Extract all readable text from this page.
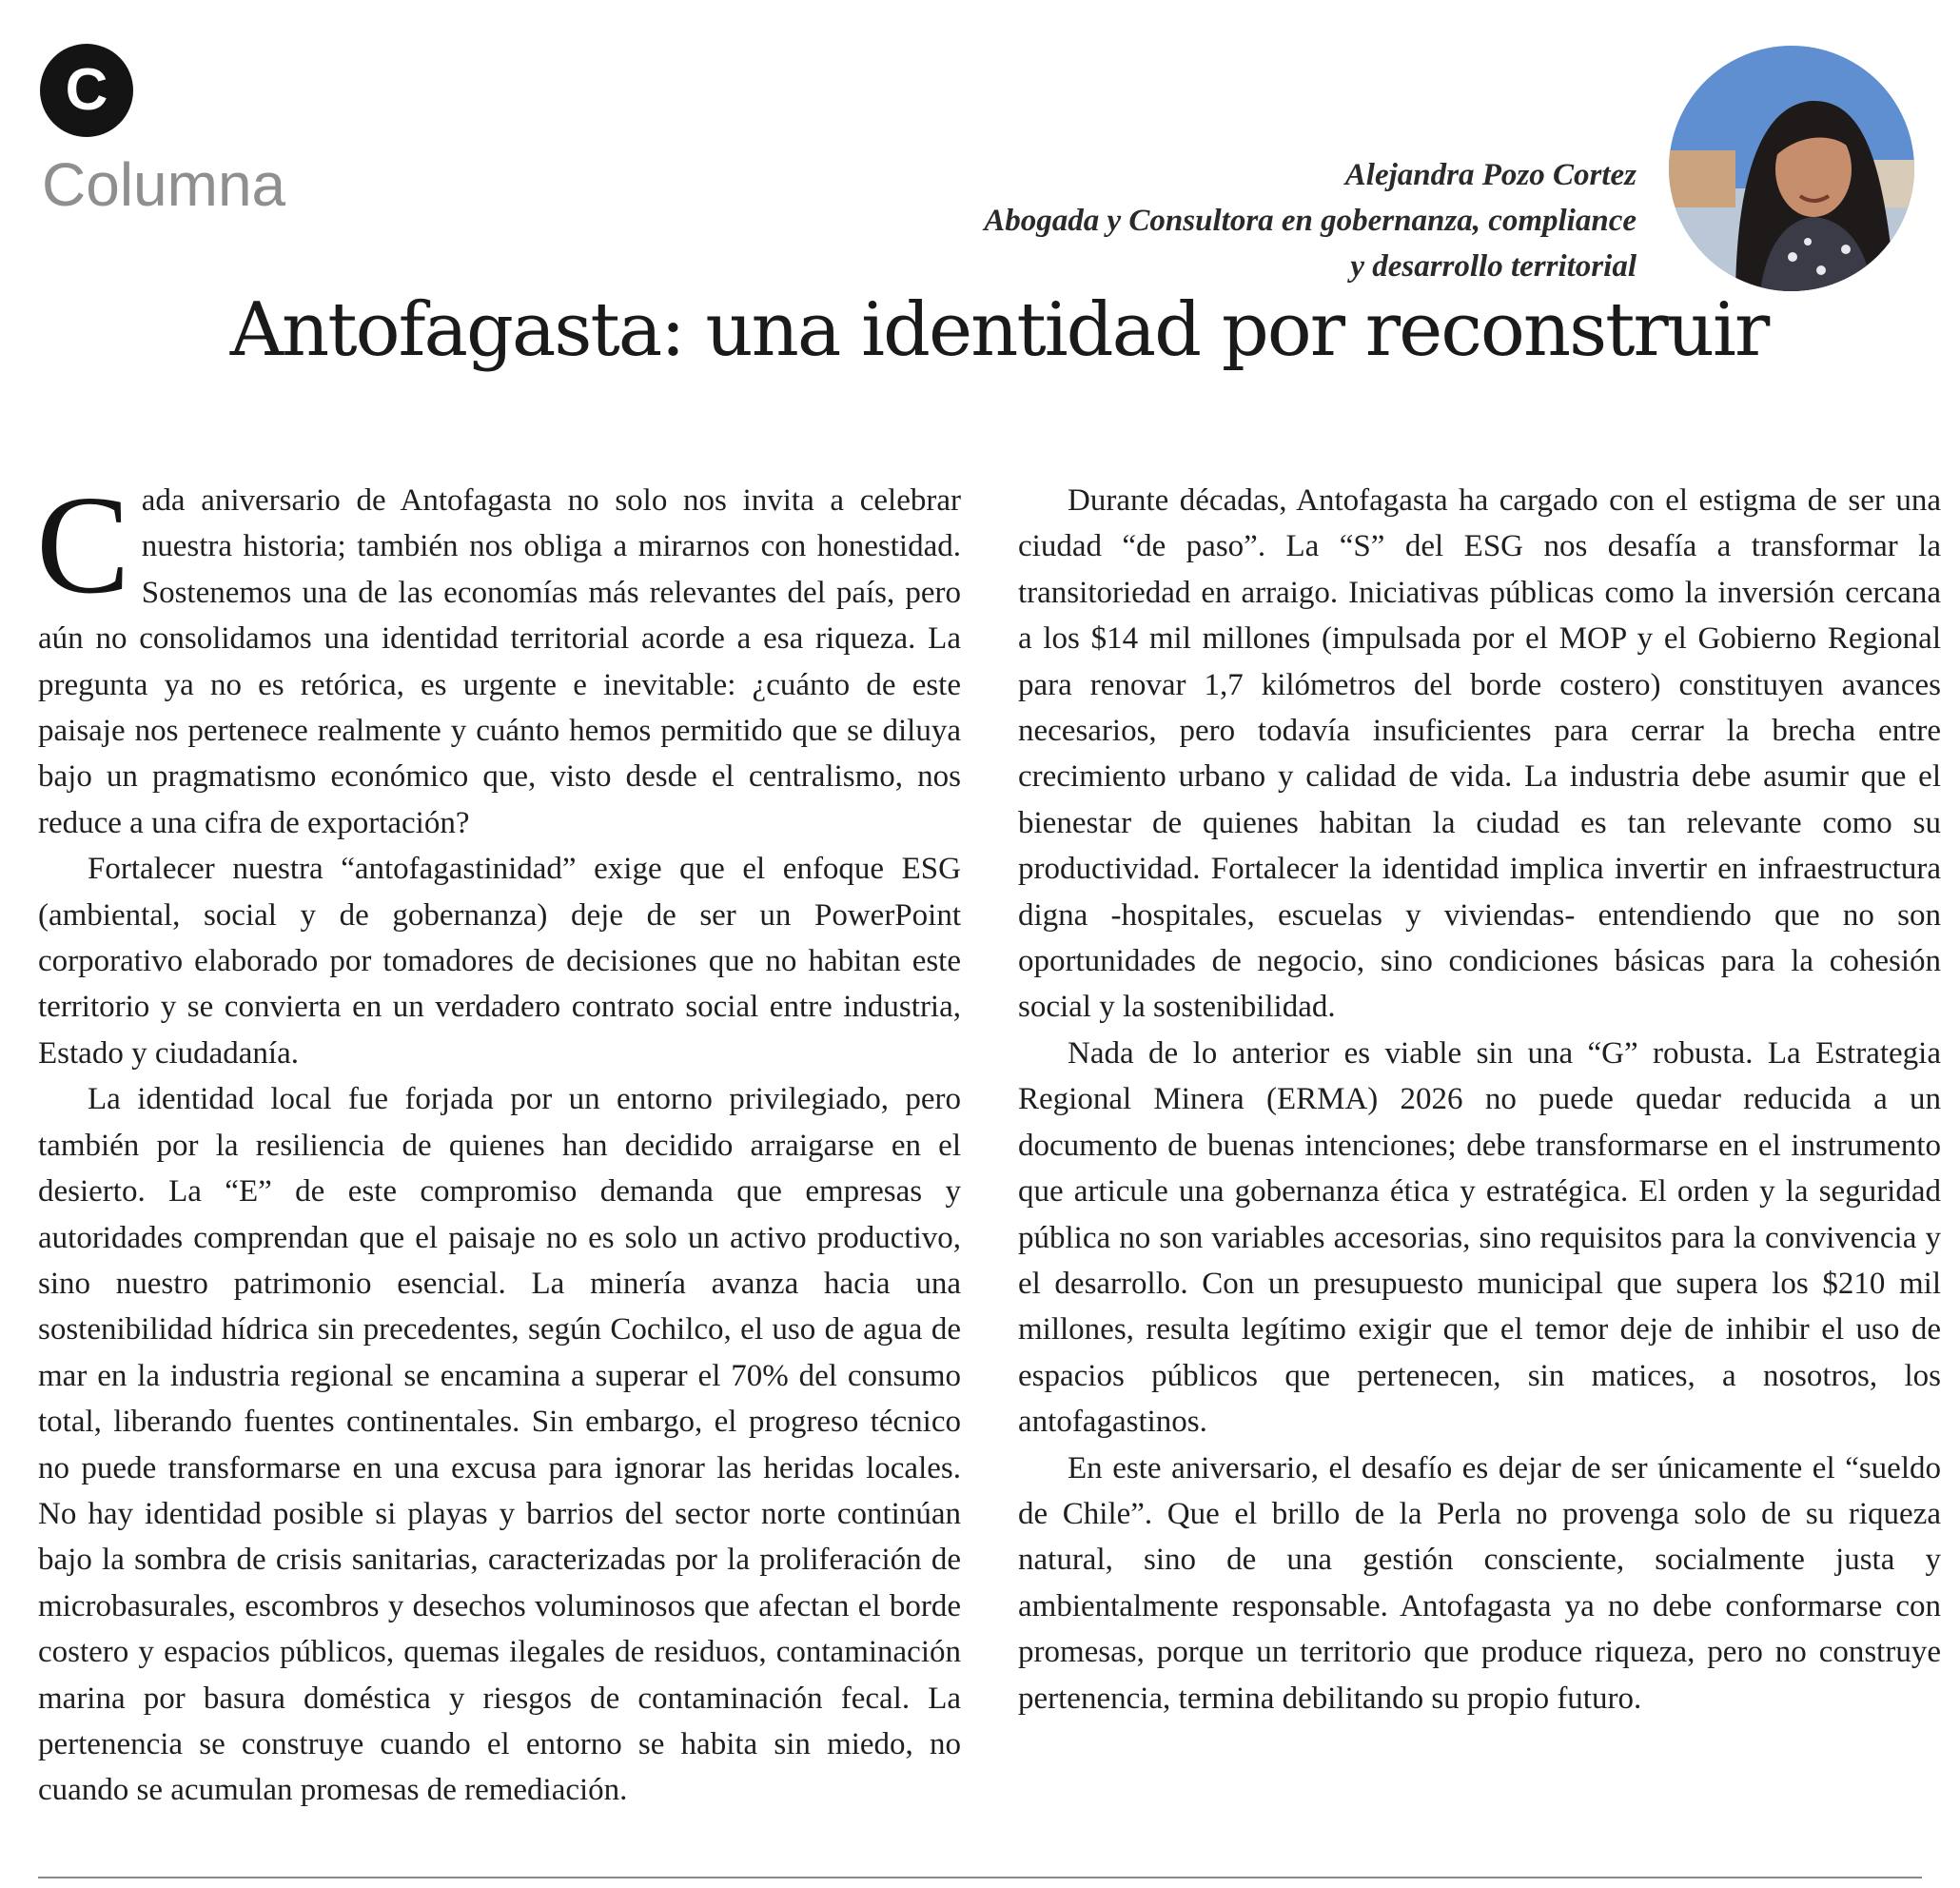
C
Columna	Alejandra Pozo Cortez
Abogada y Consultora en gobernanza, compliance
y desarrollo territorial
Antofagasta: una identidad por reconstruir

Cada aniversario de Antofagasta no solo nos invita a celebrar nuestra historia; también nos obliga a mirarnos con honestidad. Sostenemos una de las economías más relevantes del país, pero aún no consolidamos una identidad territorial acorde a esa riqueza. La pregunta ya no es retórica, es urgente e inevitable: ¿cuánto de este paisaje nos pertenece realmente y cuánto hemos permitido que se diluya bajo un pragmatismo económico que, visto desde el centralismo, nos reduce a una cifra de exportación?

Fortalecer nuestra “antofagastinidad” exige que el enfoque ESG (ambiental, social y de gobernanza) deje de ser un PowerPoint corporativo elaborado por tomadores de decisiones que no habitan este territorio y se convierta en un verdadero contrato social entre industria, Estado y ciudadanía.

La identidad local fue forjada por un entorno privilegiado, pero también por la resiliencia de quienes han decidido arraigarse en el desierto. La “E” de este compromiso demanda que empresas y autoridades comprendan que el paisaje no es solo un activo productivo, sino nuestro patrimonio esencial. La minería avanza hacia una sostenibilidad hídrica sin precedentes, según Cochilco, el uso de agua de mar en la industria regional se encamina a superar el 70% del consumo total, liberando fuentes continentales. Sin embargo, el progreso técnico no puede transformarse en una excusa para ignorar las heridas locales. No hay identidad posible si playas y barrios del sector norte continúan bajo la sombra de crisis sanitarias, caracterizadas por la proliferación de microbasurales, escombros y desechos voluminosos que afectan el borde costero y espacios públicos, quemas ilegales de residuos, contaminación marina por basura doméstica y riesgos de contaminación fecal. La pertenencia se construye cuando el entorno se habita sin miedo, no cuando se acumulan promesas de remediación.

Durante décadas, Antofagasta ha cargado con el estigma de ser una ciudad “de paso”. La “S” del ESG nos desafía a transformar la transitoriedad en arraigo. Iniciativas públicas como la inversión cercana a los $14 mil millones (impulsada por el MOP y el Gobierno Regional para renovar 1,7 kilómetros del borde costero) constituyen avances necesarios, pero todavía insuficientes para cerrar la brecha entre crecimiento urbano y calidad de vida. La industria debe asumir que el bienestar de quienes habitan la ciudad es tan relevante como su productividad. Fortalecer la identidad implica invertir en infraestructura digna -hospitales, escuelas y viviendas- entendiendo que no son oportunidades de negocio, sino condiciones básicas para la cohesión social y la sostenibilidad.

Nada de lo anterior es viable sin una “G” robusta. La Estrategia Regional Minera (ERMA) 2026 no puede quedar reducida a un documento de buenas intenciones; debe transformarse en el instrumento que articule una gobernanza ética y estratégica. El orden y la seguridad pública no son variables accesorias, sino requisitos para la convivencia y el desarrollo. Con un presupuesto municipal que supera los $210 mil millones, resulta legítimo exigir que el temor deje de inhibir el uso de espacios públicos que pertenecen, sin matices, a nosotros, los antofagastinos.

En este aniversario, el desafío es dejar de ser únicamente el “sueldo de Chile”. Que el brillo de la Perla no provenga solo de su riqueza natural, sino de una gestión consciente, socialmente justa y ambientalmente responsable. Antofagasta ya no debe conformarse con promesas, porque un territorio que produce riqueza, pero no construye pertenencia, termina debilitando su propio futuro.
